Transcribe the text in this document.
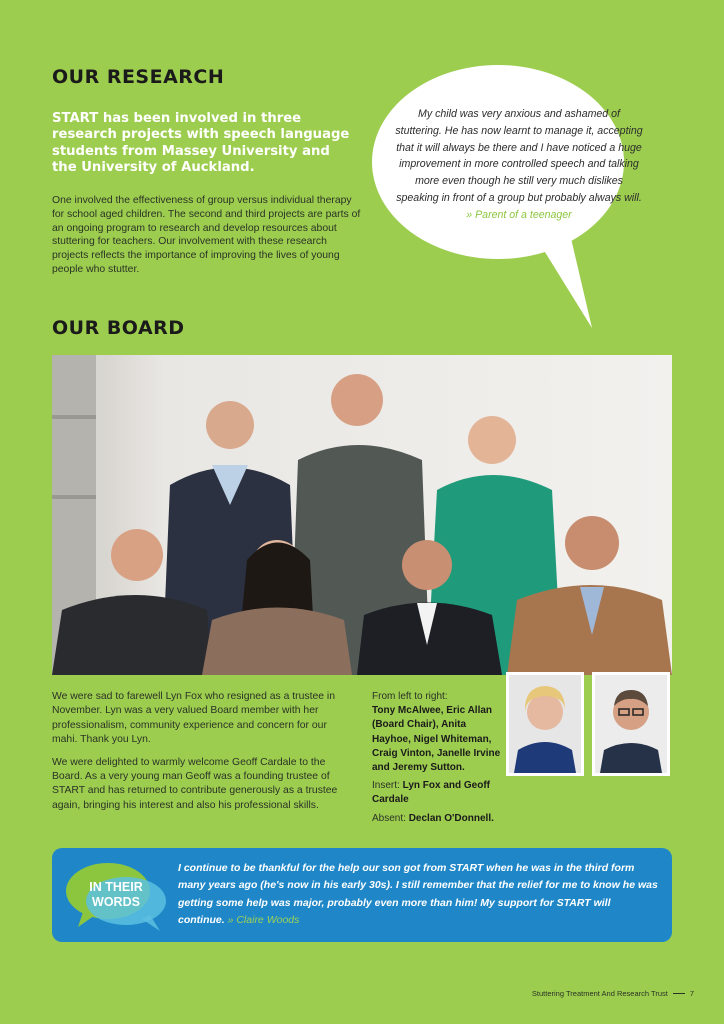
OUR RESEARCH
START has been involved in three research projects with speech language students from Massey University and the University of Auckland.
One involved the effectiveness of group versus individual therapy for school aged children. The second and third projects are parts of an ongoing program to research and develop resources about stuttering for teachers. Our involvement with these research projects reflects the importance of improving the lives of young people who stutter.
My child was very anxious and ashamed of stuttering. He has now learnt to manage it, accepting that it will always be there and I have noticed a huge improvement in more controlled speech and talking more even though he still very much dislikes speaking in front of a group but probably always will.
» Parent of a teenager
OUR BOARD

We were sad to farewell Lyn Fox who resigned as a trustee in November. Lyn was a very valued Board member with her professionalism, community experience and concern for our mahi. Thank you Lyn.

We were delighted to warmly welcome Geoff Cardale to the Board. As a very young man Geoff was a founding trustee of START and has returned to contribute generously as a trustee again, bringing his interest and also his professional skills.

From left to right:
Tony McAlwee, Eric Allan (Board Chair), Anita Hayhoe, Nigel Whiteman, Craig Vinton, Janelle Irvine and Jeremy Sutton.

Insert: Lyn Fox and Geoff Cardale

Absent: Declan O'Donnell.

IN THEIR
WORDS
I continue to be thankful for the help our son got from START when he was in the third form many years ago (he's now in his early 30s). I still remember that the relief for me to know he was getting some help was major, probably even more than him! My support for START will continue. » Claire Woods
Stuttering Treatment And Research Trust	7
